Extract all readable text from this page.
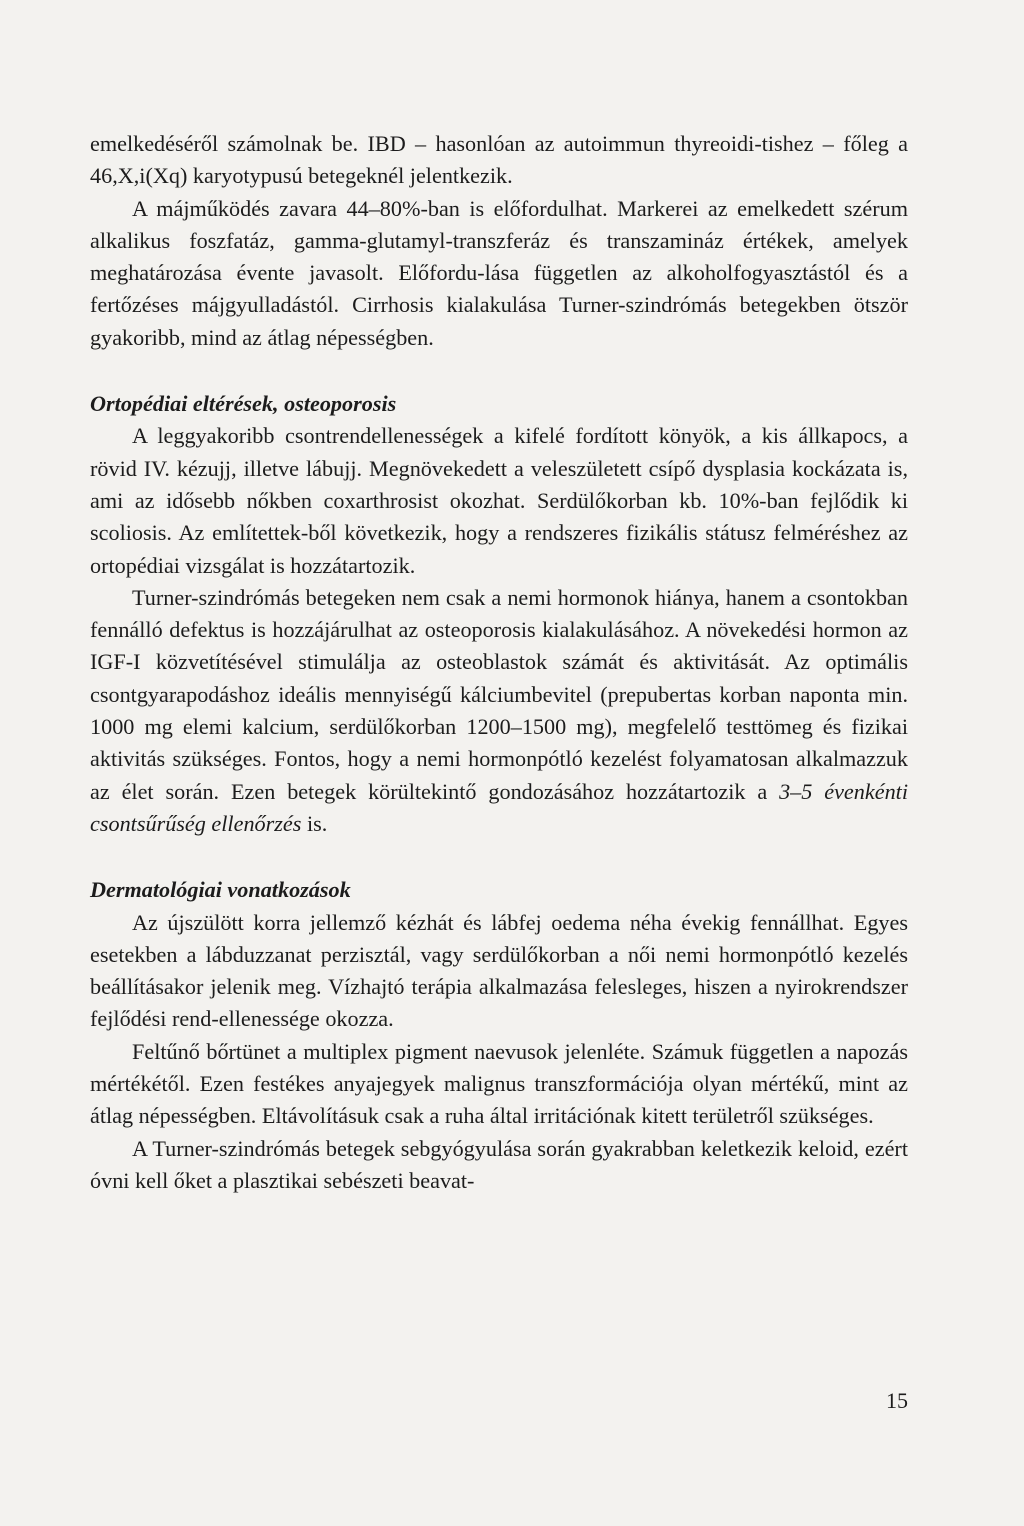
emelkedéséről számolnak be. IBD – hasonlóan az autoimmun thyreoidi-tishez – főleg a 46,X,i(Xq) karyotypusú betegeknél jelentkezik.

A májműködés zavara 44–80%-ban is előfordulhat. Markerei az emelkedett szérum alkalikus foszfatáz, gamma-glutamyl-transzferáz és transzamináz értékek, amelyek meghatározása évente javasolt. Előfordu-lása független az alkoholfogyasztástól és a fertőzéses májgyulladástól. Cirrhosis kialakulása Turner-szindrómás betegekben ötször gyakoribb, mind az átlag népességben.

Ortopédiai eltérések, osteoporosis

A leggyakoribb csontrendellenességek a kifelé fordított könyök, a kis állkapocs, a rövid IV. kézujj, illetve lábujj. Megnövekedett a veleszületett csípő dysplasia kockázata is, ami az idősebb nőkben coxarthrosist okozhat. Serdülőkorban kb. 10%-ban fejlődik ki scoliosis. Az említettek-ből következik, hogy a rendszeres fizikális státusz felméréshez az ortopédiai vizsgálat is hozzátartozik.

Turner-szindrómás betegeken nem csak a nemi hormonok hiánya, hanem a csontokban fennálló defektus is hozzájárulhat az osteoporosis kialakulásához. A növekedési hormon az IGF-I közvetítésével stimulálja az osteoblastok számát és aktivitását. Az optimális csontgyarapodáshoz ideális mennyiségű kálciumbevitel (prepubertas korban naponta min. 1000 mg elemi kalcium, serdülőkorban 1200–1500 mg), megfelelő testtömeg és fizikai aktivitás szükséges. Fontos, hogy a nemi hormonpótló kezelést folyamatosan alkalmazzuk az élet során. Ezen betegek körültekintő gondozásához hozzátartozik a 3–5 évenkénti csontsűrűség ellenőrzés is.

Dermatológiai vonatkozások

Az újszülött korra jellemző kézhát és lábfej oedema néha évekig fennállhat. Egyes esetekben a lábduzzanat perzisztál, vagy serdülőkorban a női nemi hormonpótló kezelés beállításakor jelenik meg. Vízhajtó terápia alkalmazása felesleges, hiszen a nyirokrendszer fejlődési rend-ellenessége okozza.

Feltűnő bőrtünet a multiplex pigment naevusok jelenléte. Számuk független a napozás mértékétől. Ezen festékes anyajegyek malignus transzformációja olyan mértékű, mint az átlag népességben. Eltávolításuk csak a ruha által irritációnak kitett területről szükséges.

A Turner-szindrómás betegek sebgyógyulása során gyakrabban keletkezik keloid, ezért óvni kell őket a plasztikai sebészeti beavat-

15
